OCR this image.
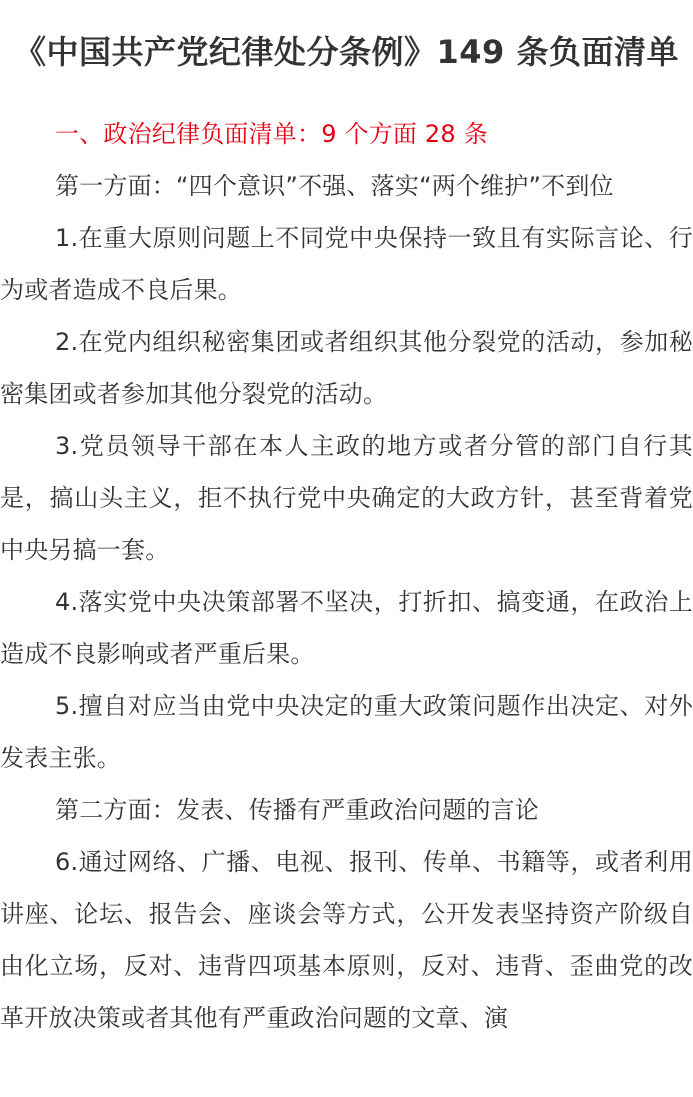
《中国共产党纪律处分条例》149 条负面清单

一、政治纪律负面清单：9 个方面 28 条

第一方面：“四个意识”不强、落实“两个维护”不到位

1.在重大原则问题上不同党中央保持一致且有实际言论、行为或者造成不良后果。

2.在党内组织秘密集团或者组织其他分裂党的活动，参加秘密集团或者参加其他分裂党的活动。

3.党员领导干部在本人主政的地方或者分管的部门自行其是，搞山头主义，拒不执行党中央确定的大政方针，甚至背着党中央另搞一套。

4.落实党中央决策部署不坚决，打折扣、搞变通，在政治上造成不良影响或者严重后果。

5.擅自对应当由党中央决定的重大政策问题作出决定、对外发表主张。

第二方面：发表、传播有严重政治问题的言论

6.通过网络、广播、电视、报刊、传单、书籍等，或者利用讲座、论坛、报告会、座谈会等方式，公开发表坚持资产阶级自由化立场，反对、违背四项基本原则，反对、违背、歪曲党的改革开放决策或者其他有严重政治问题的文章、演
